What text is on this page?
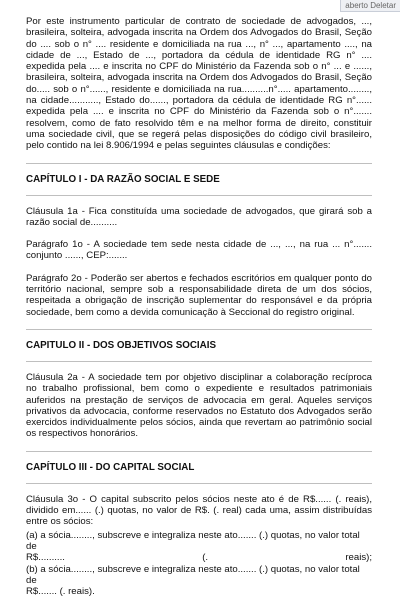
aberto Deletar

Por este instrumento particular de contrato de sociedade de advogados, ..., brasileira, solteira, advogada inscrita na Ordem dos Advogados do Brasil, Seção do .... sob o n° .... residente e domiciliada na rua ..., n° ..., apartamento ...., na cidade de ..., Estado de ..., portadora da cédula de identidade RG n° .... expedida pela .... e inscrita no CPF do Ministério da Fazenda sob o n° ... e ......, brasileira, solteira, advogada inscrita na Ordem dos Advogados do Brasil, Seção do..... sob o n°......, residente e domiciliada na rua..........n°..... apartamento........, na cidade..........., Estado do......, portadora da cédula de identidade RG n°...... expedida pela .... e inscrita no CPF do Ministério da Fazenda sob o n°....... resolvem, como de fato resolvido têm e na melhor forma de direito, constituir uma sociedade civil, que se regerá pelas disposições do código civil brasileiro, pelo contido na lei 8.906/1994 e pelas seguintes cláusulas e condições:

CAPÍTULO I - DA RAZÃO SOCIAL E SEDE

Cláusula 1a - Fica constituída uma sociedade de advogados, que girará sob a razão social de..........

Parágrafo 1o - A sociedade tem sede nesta cidade de ..., ..., na rua ... n°....... conjunto ......, CEP:.......

Parágrafo 2o - Poderão ser abertos e fechados escritórios em qualquer ponto do território nacional, sempre sob a responsabilidade direta de um dos sócios, respeitada a obrigação de inscrição suplementar do responsável e da própria sociedade, bem como a devida comunicação à Seccional do registro original.

CAPITULO II - DOS OBJETIVOS SOCIAIS

Cláusula 2a - A sociedade tem por objetivo disciplinar a colaboração recíproca no trabalho profissional, bem como o expediente e resultados patrimoniais auferidos na prestação de serviços de advocacia em geral. Aqueles serviços privativos da advocacia, conforme reservados no Estatuto dos Advogados serão exercidos individualmente pelos sócios, ainda que revertam ao patrimônio social os respectivos honorários.

CAPÍTULO III - DO CAPITAL SOCIAL

Cláusula 3o - O capital subscrito pelos sócios neste ato é de R$...... (. reais), dividido em...... (.) quotas, no valor de R$. (. real) cada uma, assim distribuídas entre os sócios:

(a) a sócia........, subscreve e integraliza neste ato....... (.) quotas, no valor total de
R$..........	(.	reais);
(b) a sócia........, subscreve e integraliza neste ato....... (.) quotas, no valor total de
R$....... (. reais).
